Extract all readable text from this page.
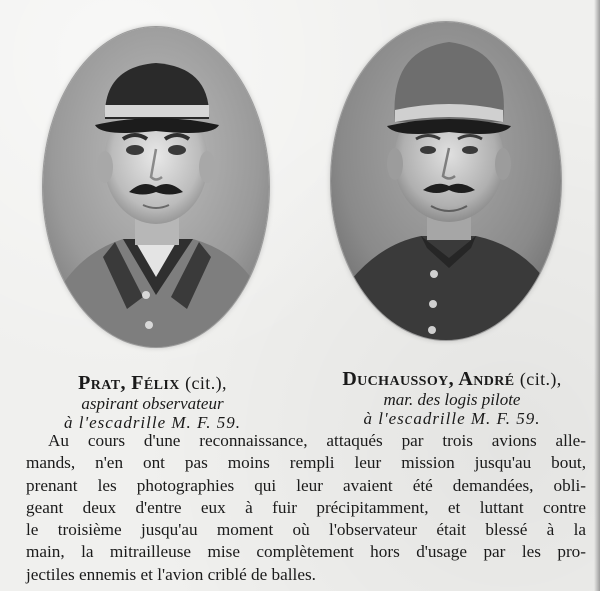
Prat, Félix (cit.),
aspirant observateur
à l'escadrille M. F. 59.
Duchaussoy, André (cit.),
mar. des logis pilote
à l'escadrille M. F. 59.
Au cours d'une reconnaissance, attaqués par trois avions alle-
mands, n'en ont pas moins rempli leur mission jusqu'au bout,
prenant les photographies qui leur avaient été demandées, obli-
geant deux d'entre eux à fuir précipitamment, et luttant contre
le troisième jusqu'au moment où l'observateur était blessé à la
main, la mitrailleuse mise complètement hors d'usage par les pro-
jectiles ennemis et l'avion criblé de balles.
